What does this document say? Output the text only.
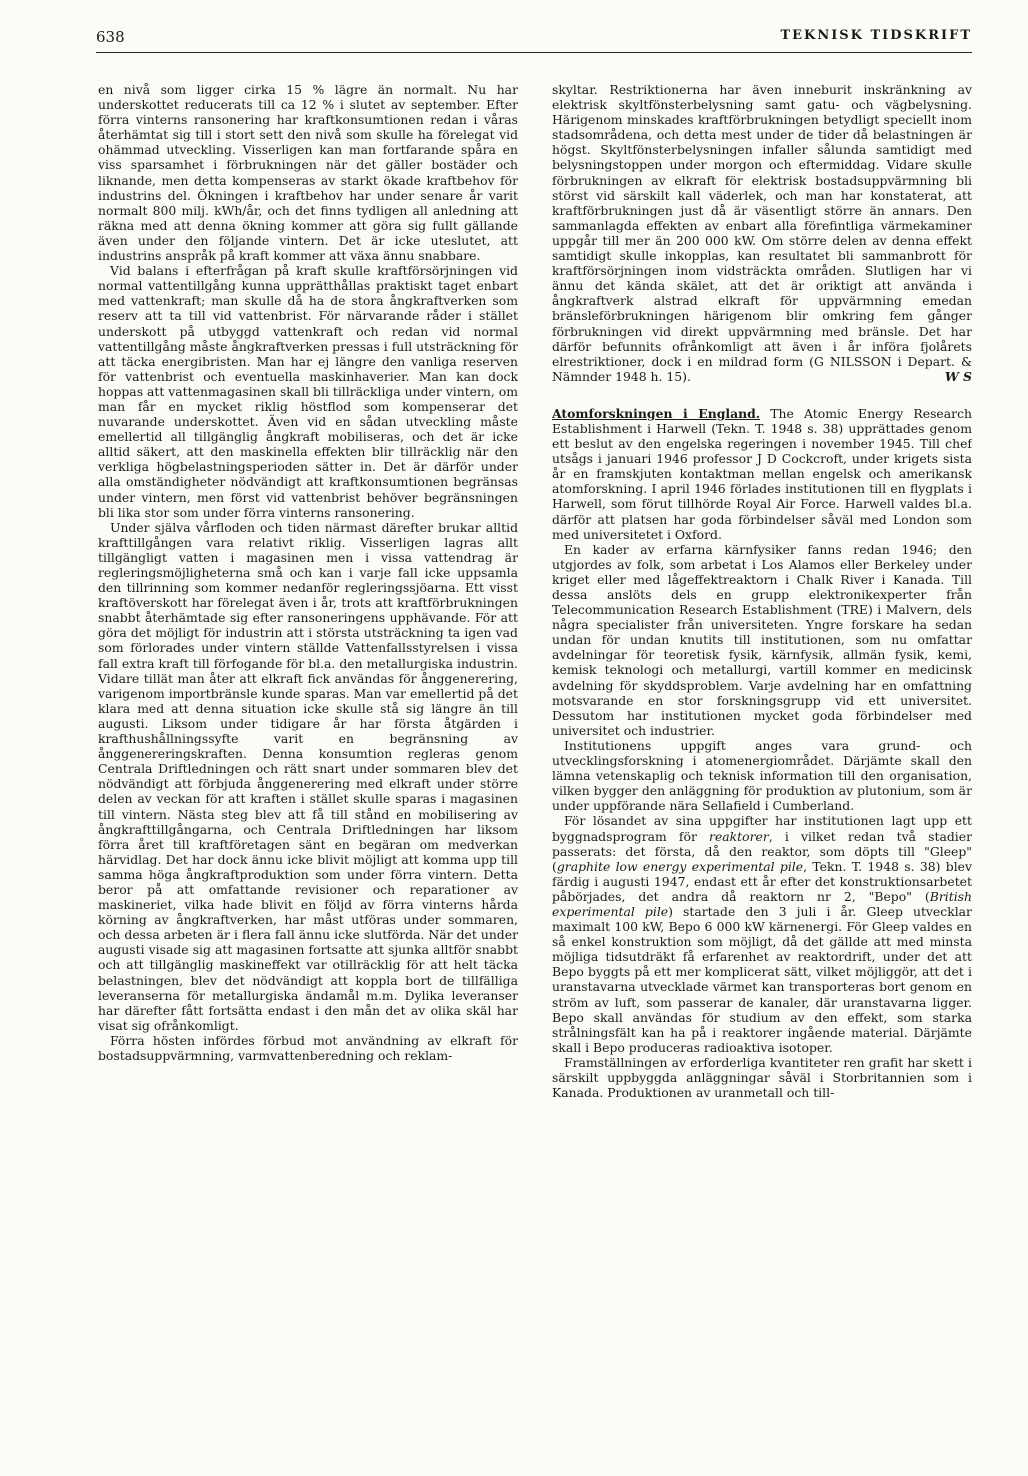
638	TEKNISK TIDSKRIFT

en nivå som ligger cirka 15 % lägre än normalt. Nu har underskottet reducerats till ca 12 % i slutet av september. Efter förra vinterns ransonering har kraftkonsumtionen redan i våras återhämtat sig till i stort sett den nivå som skulle ha förelegat vid ohämmad utveckling. Visserligen kan man fortfarande spåra en viss sparsamhet i förbrukningen när det gäller bostäder och liknande, men detta kompenseras av starkt ökade kraftbehov för industrins del. Ökningen i kraftbehov har under senare år varit normalt 800 milj. kWh/år, och det finns tydligen all anledning att räkna med att denna ökning kommer att göra sig fullt gällande även under den följande vintern. Det är icke uteslutet, att industrins anspråk på kraft kommer att växa ännu snabbare.

Vid balans i efterfrågan på kraft skulle kraftförsörjningen vid normal vattentillgång kunna upprätthållas praktiskt taget enbart med vattenkraft; man skulle då ha de stora ångkraftverken som reserv att ta till vid vattenbrist. För närvarande råder i stället underskott på utbyggd vattenkraft och redan vid normal vattentillgång måste ångkraftverken pressas i full utsträckning för att täcka energibristen. Man har ej längre den vanliga reserven för vattenbrist och eventuella maskinhaverier. Man kan dock hoppas att vattenmagasinen skall bli tillräckliga under vintern, om man får en mycket riklig höstflod som kompenserar det nuvarande underskottet. Även vid en sådan utveckling måste emellertid all tillgänglig ångkraft mobiliseras, och det är icke alltid säkert, att den maskinella effekten blir tillräcklig när den verkliga högbelastningsperioden sätter in. Det är därför under alla omständigheter nödvändigt att kraftkonsumtionen begränsas under vintern, men först vid vattenbrist behöver begränsningen bli lika stor som under förra vinterns ransonering.

Under själva vårfloden och tiden närmast därefter brukar alltid krafttillgången vara relativt riklig. Visserligen lagras allt tillgängligt vatten i magasinen men i vissa vattendrag är regleringsmöjligheterna små och kan i varje fall icke uppsamla den tillrinning som kommer nedanför regleringssjöarna. Ett visst kraftöverskott har förelegat även i år, trots att kraftförbrukningen snabbt återhämtade sig efter ransoneringens upphävande. För att göra det möjligt för industrin att i största utsträckning ta igen vad som förlorades under vintern ställde Vattenfallsstyrelsen i vissa fall extra kraft till förfogande för bl.a. den metallurgiska industrin. Vidare tillät man åter att elkraft fick användas för ånggenerering, varigenom importbränsle kunde sparas. Man var emellertid på det klara med att denna situation icke skulle stå sig längre än till augusti. Liksom under tidigare år har första åtgärden i krafthushållningssyfte varit en begränsning av ånggenereringskraften. Denna konsumtion regleras genom Centrala Driftledningen och rätt snart under sommaren blev det nödvändigt att förbjuda ånggenerering med elkraft under större delen av veckan för att kraften i stället skulle sparas i magasinen till vintern. Nästa steg blev att få till stånd en mobilisering av ångkrafttillgångarna, och Centrala Driftledningen har liksom förra året till kraftföretagen sänt en begäran om medverkan härvidlag. Det har dock ännu icke blivit möjligt att komma upp till samma höga ångkraftproduktion som under förra vintern. Detta beror på att omfattande revisioner och reparationer av maskineriet, vilka hade blivit en följd av förra vinterns hårda körning av ångkraftverken, har måst utföras under sommaren, och dessa arbeten är i flera fall ännu icke slutförda. När det under augusti visade sig att magasinen fortsatte att sjunka alltför snabbt och att tillgänglig maskineffekt var otillräcklig för att helt täcka belastningen, blev det nödvändigt att koppla bort de tillfälliga leveranserna för metallurgiska ändamål m.m. Dylika leveranser har därefter fått fortsätta endast i den mån det av olika skäl har visat sig ofrånkomligt.

Förra hösten infördes förbud mot användning av elkraft för bostadsuppvärmning, varmvattenberedning och reklam-

skyltar. Restriktionerna har även inneburit inskränkning av elektrisk skyltfönsterbelysning samt gatu- och vägbelysning. Härigenom minskades kraftförbrukningen betydligt speciellt inom stadsområdena, och detta mest under de tider då belastningen är högst. Skyltfönsterbelysningen infaller sålunda samtidigt med belysningstoppen under morgon och eftermiddag. Vidare skulle förbrukningen av elkraft för elektrisk bostadsuppvärmning bli störst vid särskilt kall väderlek, och man har konstaterat, att kraftförbrukningen just då är väsentligt större än annars. Den sammanlagda effekten av enbart alla förefintliga värmekaminer uppgår till mer än 200 000 kW. Om större delen av denna effekt samtidigt skulle inkopplas, kan resultatet bli sammanbrott för kraftförsörjningen inom vidsträckta områden. Slutligen har vi ännu det kända skälet, att det är oriktigt att använda i ångkraftverk alstrad elkraft för uppvärmning emedan bränsleförbrukningen härigenom blir omkring fem gånger förbrukningen vid direkt uppvärmning med bränsle. Det har därför befunnits ofrånkomligt att även i år införa fjolårets elrestriktioner, dock i en mildrad form (G NILSSON i Depart. & Nämnder 1948 h. 15).	W S

Atomforskningen i England. The Atomic Energy Research Establishment i Harwell (Tekn. T. 1948 s. 38) upprättades genom ett beslut av den engelska regeringen i november 1945. Till chef utsågs i januari 1946 professor J D Cockcroft, under krigets sista år en framskjuten kontaktman mellan engelsk och amerikansk atomforskning. I april 1946 förlades institutionen till en flygplats i Harwell, som förut tillhörde Royal Air Force. Harwell valdes bl.a. därför att platsen har goda förbindelser såväl med London som med universitetet i Oxford.

En kader av erfarna kärnfysiker fanns redan 1946; den utgjordes av folk, som arbetat i Los Alamos eller Berkeley under kriget eller med lågeffektreaktorn i Chalk River i Kanada. Till dessa anslöts dels en grupp elektronikexperter från Telecommunication Research Establishment (TRE) i Malvern, dels några specialister från universiteten. Yngre forskare ha sedan undan för undan knutits till institutionen, som nu omfattar avdelningar för teoretisk fysik, kärnfysik, allmän fysik, kemi, kemisk teknologi och metallurgi, vartill kommer en medicinsk avdelning för skyddsproblem. Varje avdelning har en omfattning motsvarande en stor forskningsgrupp vid ett universitet. Dessutom har institutionen mycket goda förbindelser med universitet och industrier.

Institutionens uppgift anges vara grund- och utvecklingsforskning i atomenergiområdet. Därjämte skall den lämna vetenskaplig och teknisk information till den organisation, vilken bygger den anläggning för produktion av plutonium, som är under uppförande nära Sellafield i Cumberland.

För lösandet av sina uppgifter har institutionen lagt upp ett byggnadsprogram för reaktorer, i vilket redan två stadier passerats: det första, då den reaktor, som döpts till "Gleep" (graphite low energy experimental pile, Tekn. T. 1948 s. 38) blev färdig i augusti 1947, endast ett år efter det konstruktionsarbetet påbörjades, det andra då reaktorn nr 2, "Bepo" (British experimental pile) startade den 3 juli i år. Gleep utvecklar maximalt 100 kW, Bepo 6 000 kW kärnenergi. För Gleep valdes en så enkel konstruktion som möjligt, då det gällde att med minsta möjliga tidsutdräkt få erfarenhet av reaktordrift, under det att Bepo byggts på ett mer komplicerat sätt, vilket möjliggör, att det i uranstavarna utvecklade värmet kan transporteras bort genom en ström av luft, som passerar de kanaler, där uranstavarna ligger. Bepo skall användas för studium av den effekt, som starka strålningsfält kan ha på i reaktorer ingående material. Därjämte skall i Bepo produceras radioaktiva isotoper.

Framställningen av erforderliga kvantiteter ren grafit har skett i särskilt uppbyggda anläggningar såväl i Storbritannien som i Kanada. Produktionen av uranmetall och till-
